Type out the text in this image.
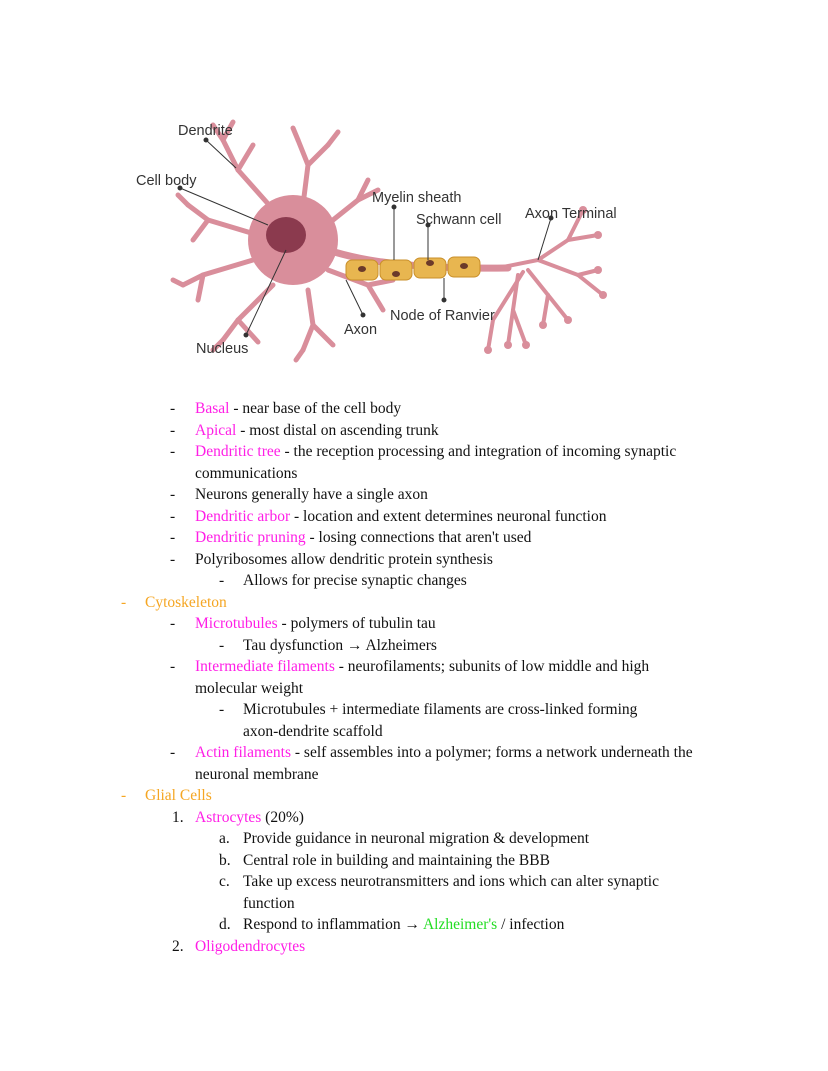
Dendrite
Cell body
Myelin sheath
Schwann cell Axon Terminal
Node of Ranvier
Axon
Nucleus
- Basal - near base of the cell body
- Apical - most distal on ascending trunk
- Dendritic tree - the reception processing and integration of incoming synaptic
communications
- Neurons generally have a single axon
- Dendritic arbor - location and extent determines neuronal function
- Dendritic pruning - losing connections that aren't used
- Polyribosomes allow dendritic protein synthesis
- Allows for precise synaptic changes
- Cytoskeleton
- Microtubules - polymers of tubulin tau
- Tau dysfunction → Alzheimers
- Intermediate filaments - neurofilaments; subunits of low middle and high
molecular weight
- Microtubules + intermediate filaments are cross-linked forming
axon-dendrite scaffold
- Actin filaments - self assembles into a polymer; forms a network underneath the
neuronal membrane
- Glial Cells
1. Astrocytes (20%)
a. Provide guidance in neuronal migration & development
b. Central role in building and maintaining the BBB
c. Take up excess neurotransmitters and ions which can alter synaptic
function
d. Respond to inflammation → Alzheimer's / infection
2. Oligodendrocytes
